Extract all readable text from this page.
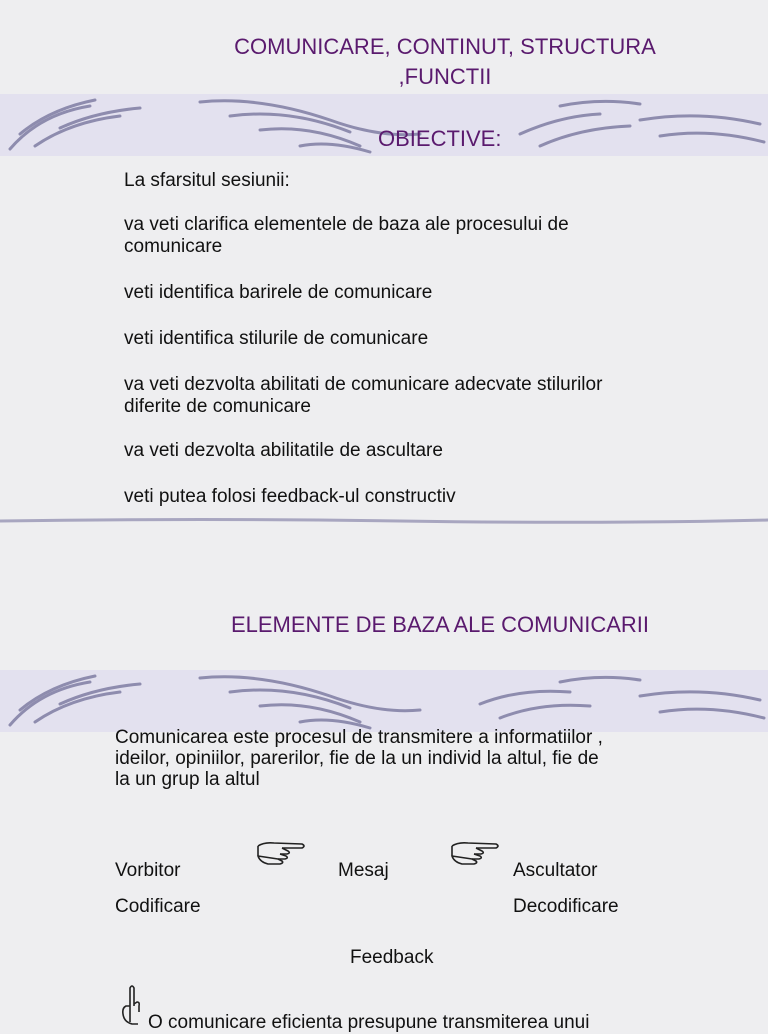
COMUNICARE, CONTINUT, STRUCTURA
,FUNCTII
OBIECTIVE:
La sfarsitul sesiunii:
va veti clarifica elementele de baza ale procesului de
comunicare
veti identifica barirele de comunicare
veti identifica stilurile de comunicare
va veti dezvolta abilitati de comunicare adecvate stilurilor
diferite de comunicare
va veti dezvolta abilitatile de ascultare
veti putea folosi feedback-ul constructiv
ELEMENTE DE BAZA ALE COMUNICARII
Comunicarea este procesul de transmitere a informatiilor ,
ideilor, opiniilor, parerilor, fie de la un individ la altul, fie de
la un grup la altul
Vorbitor	Mesaj	Ascultator
Codificare	Decodificare
Feedback
O comunicare eficienta presupune transmiterea unui
